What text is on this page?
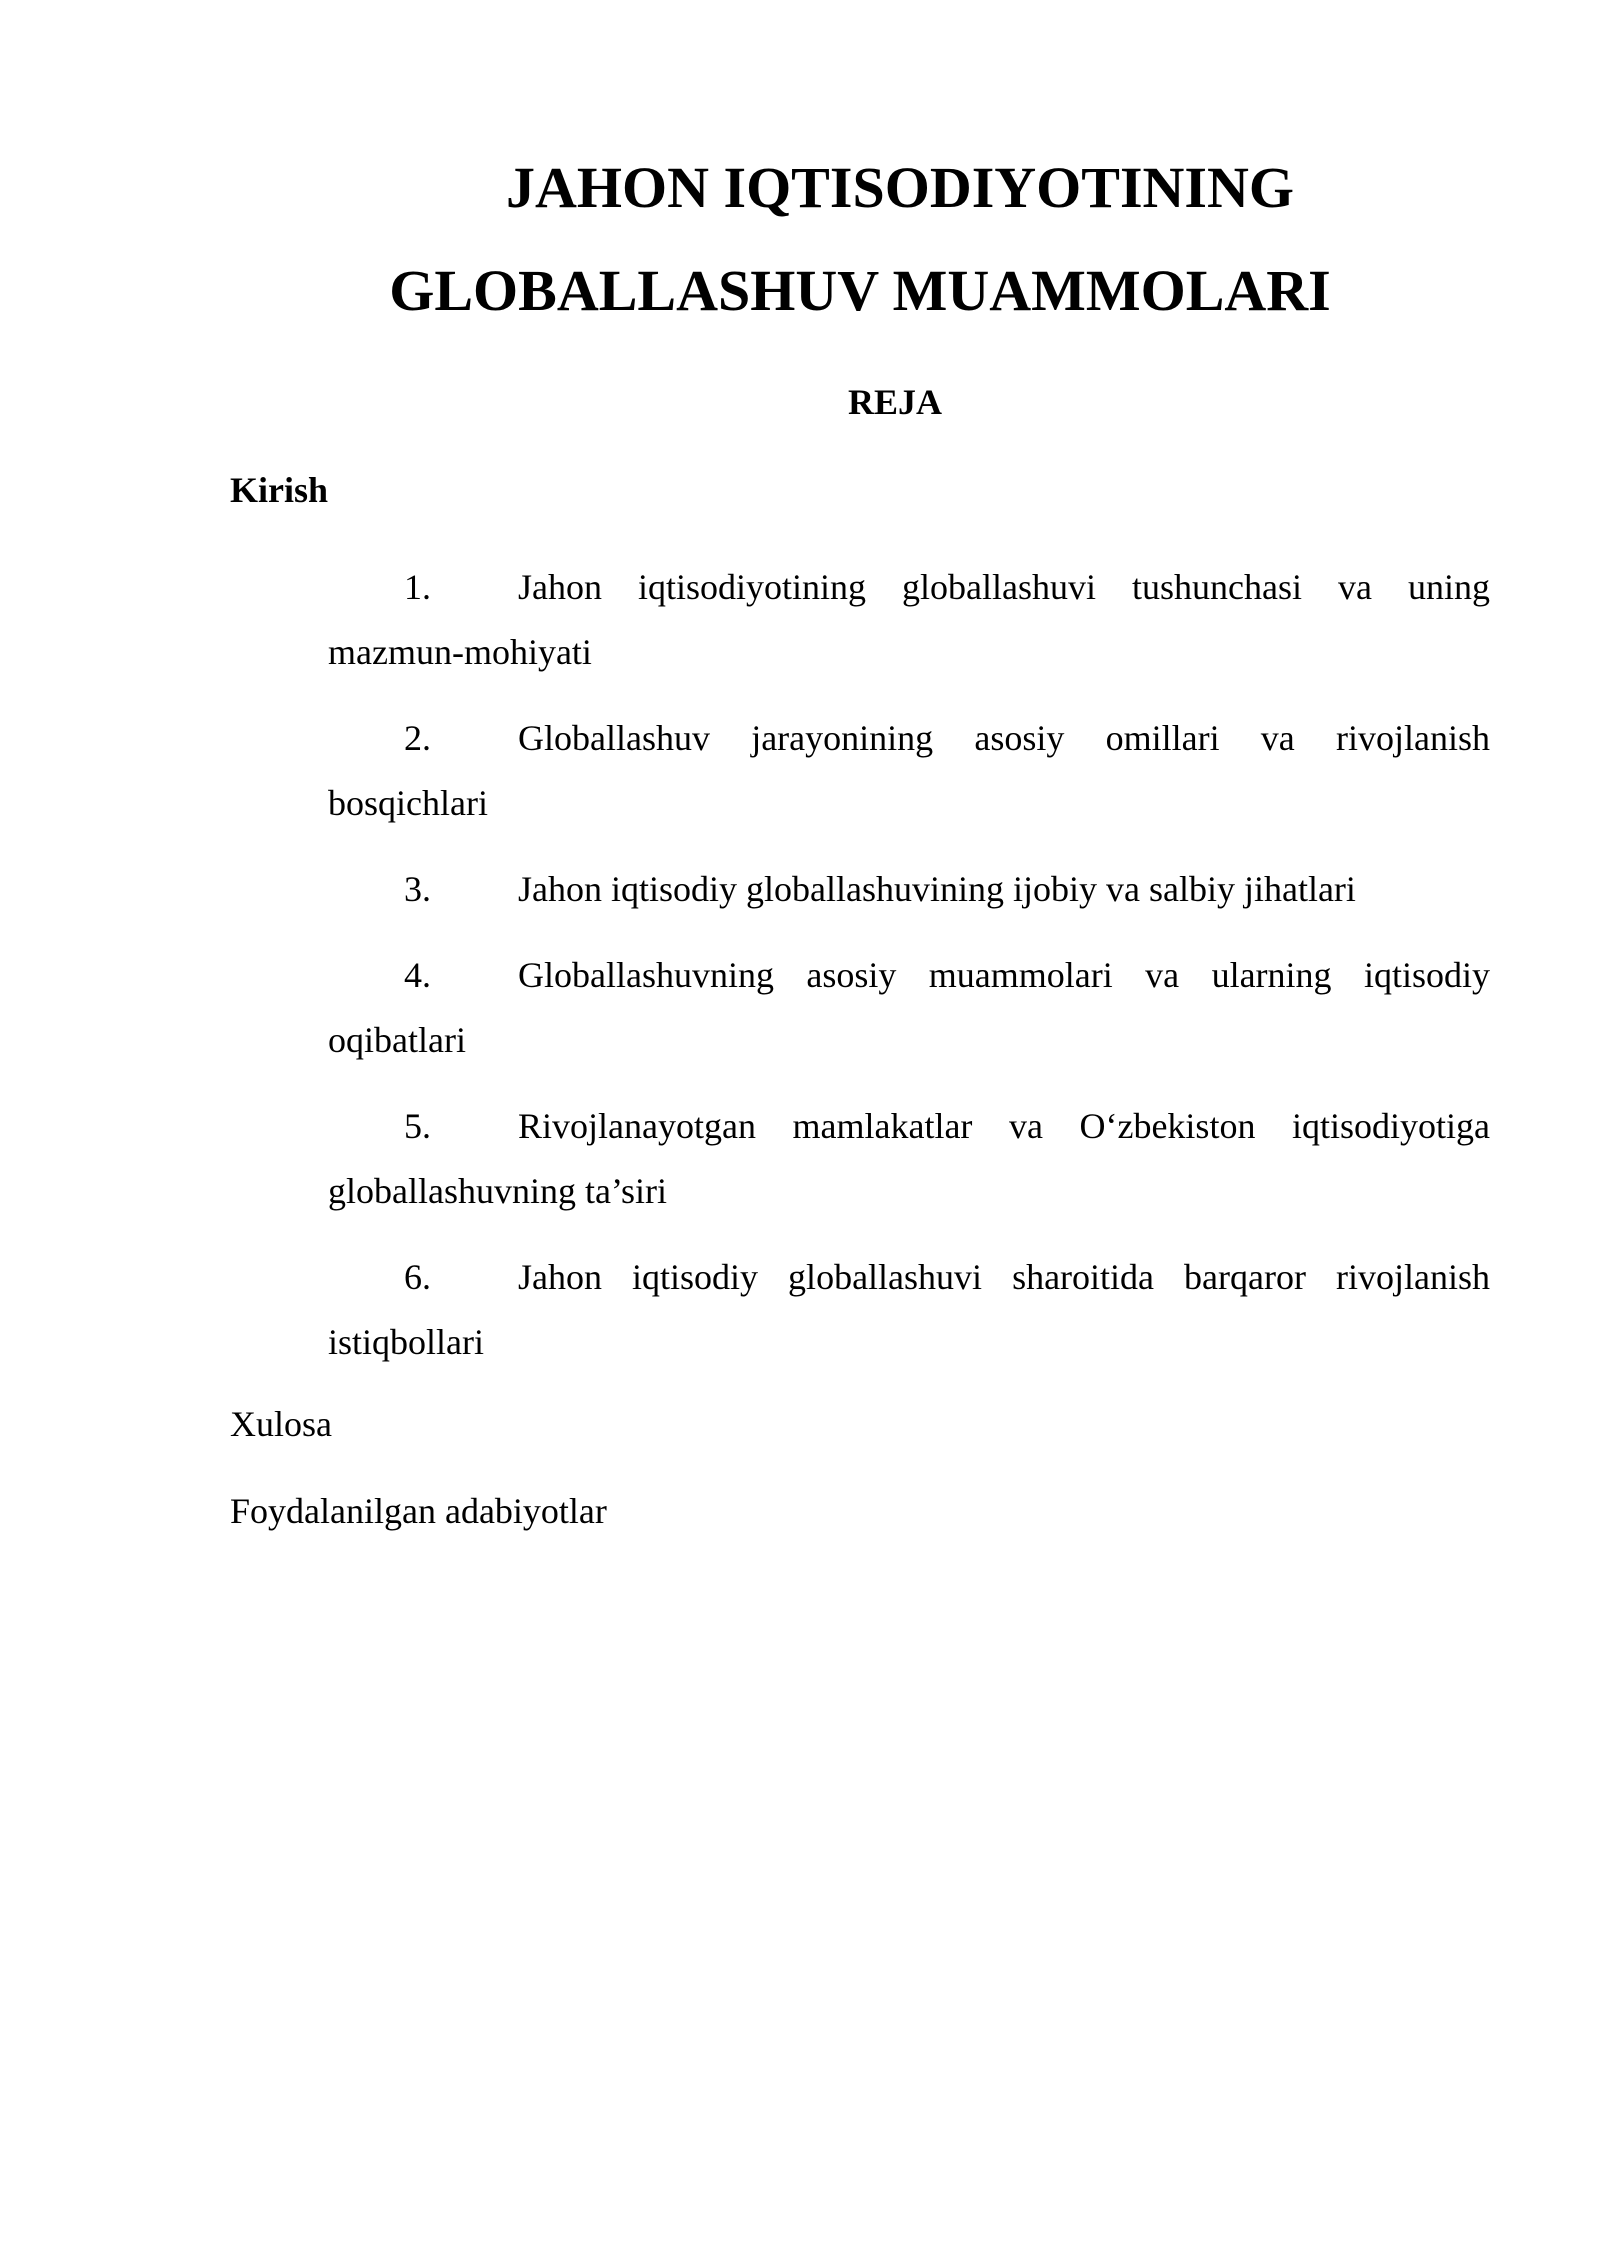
JAHON IQTISODIYOTINING
GLOBALLASHUV MUAMMOLARI
REJA
Kirish
1. Jahon iqtisodiyotining globallashuvi tushunchasi va uning mazmun-mohiyati
2. Globallashuv jarayonining asosiy omillari va rivojlanish bosqichlari
3. Jahon iqtisodiy globallashuvining ijobiy va salbiy jihatlari
4. Globallashuvning asosiy muammolari va ularning iqtisodiy oqibatlari
5. Rivojlanayotgan mamlakatlar va O‘zbekiston iqtisodiyotiga globallashuvning ta’siri
6. Jahon iqtisodiy globallashuvi sharoitida barqaror rivojlanish istiqbollari
Xulosa
Foydalanilgan adabiyotlar
